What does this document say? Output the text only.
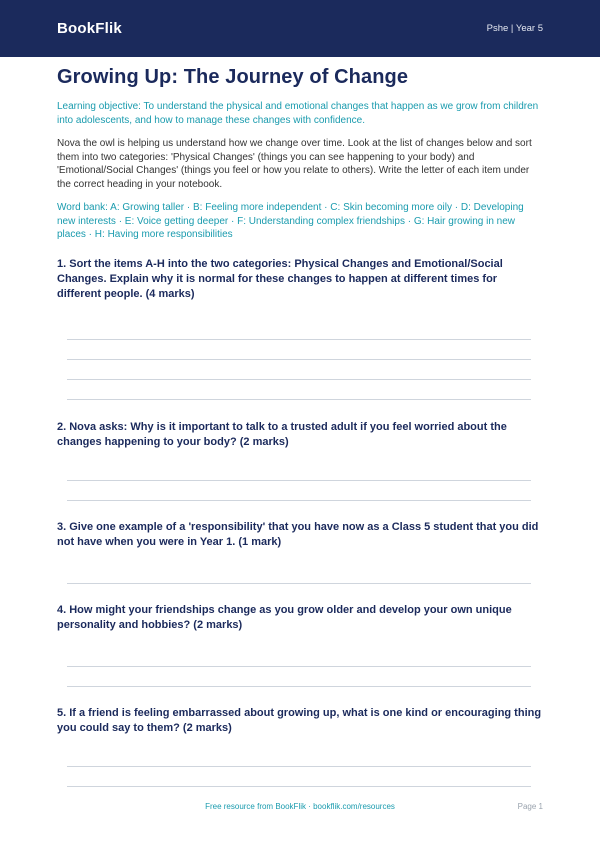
BookFlik	Pshe | Year 5
Growing Up: The Journey of Change
Learning objective: To understand the physical and emotional changes that happen as we grow from children into adolescents, and how to manage these changes with confidence.
Nova the owl is helping us understand how we change over time. Look at the list of changes below and sort them into two categories: 'Physical Changes' (things you can see happening to your body) and 'Emotional/Social Changes' (things you feel or how you relate to others). Write the letter of each item under the correct heading in your notebook.
Word bank: A: Growing taller · B: Feeling more independent · C: Skin becoming more oily · D: Developing new interests · E: Voice getting deeper · F: Understanding complex friendships · G: Hair growing in new places · H: Having more responsibilities
1. Sort the items A-H into the two categories: Physical Changes and Emotional/Social Changes. Explain why it is normal for these changes to happen at different times for different people. (4 marks)
2. Nova asks: Why is it important to talk to a trusted adult if you feel worried about the changes happening to your body? (2 marks)
3. Give one example of a 'responsibility' that you have now as a Class 5 student that you did not have when you were in Year 1. (1 mark)
4. How might your friendships change as you grow older and develop your own unique personality and hobbies? (2 marks)
5. If a friend is feeling embarrassed about growing up, what is one kind or encouraging thing you could say to them? (2 marks)
Free resource from BookFlik · bookflik.com/resources	Page 1
